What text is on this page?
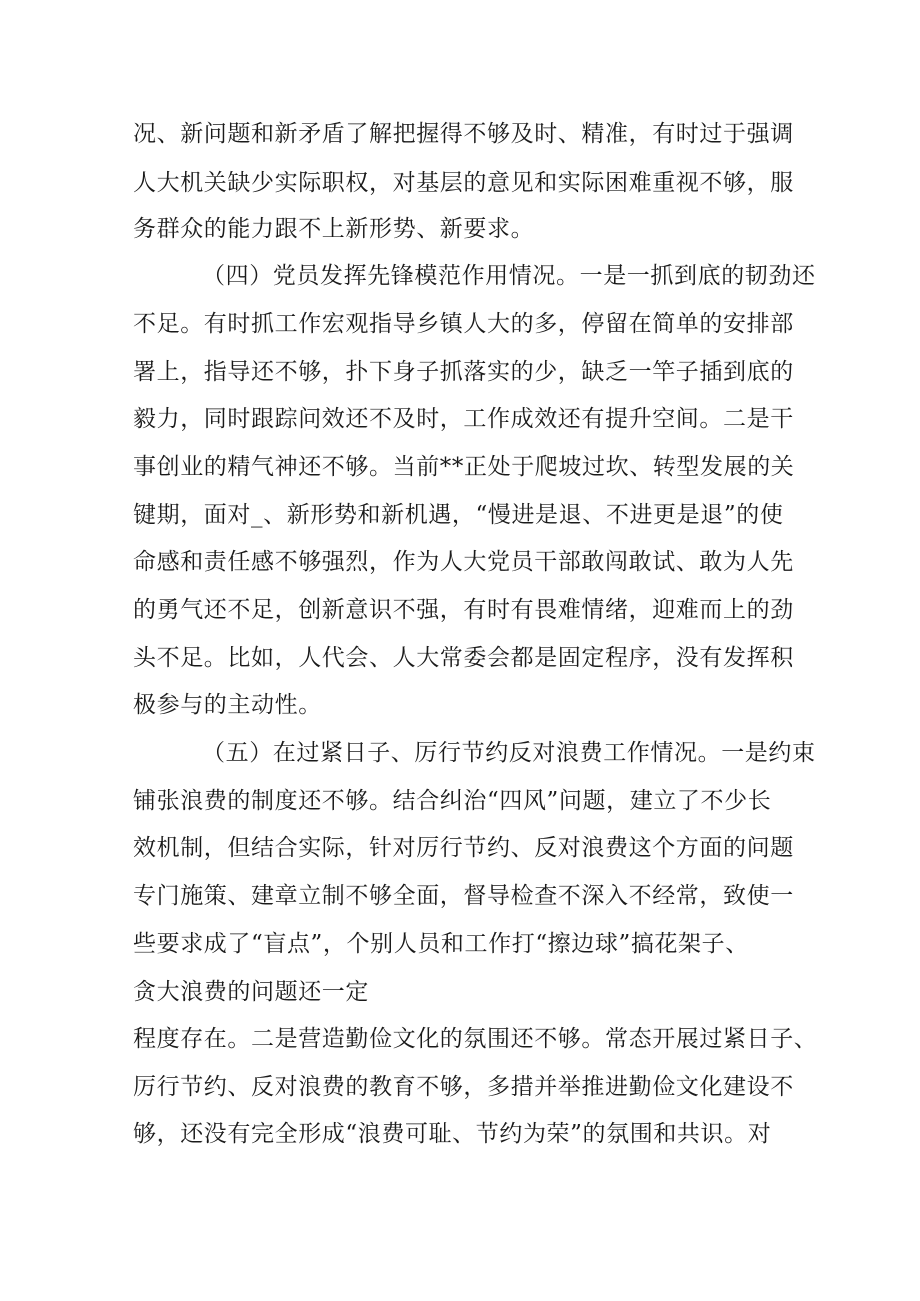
况、新问题和新矛盾了解把握得不够及时、精准，有时过于强调
人大机关缺少实际职权，对基层的意见和实际困难重视不够，服
务群众的能力跟不上新形势、新要求。
（四）党员发挥先锋模范作用情况。一是一抓到底的韧劲还
不足。有时抓工作宏观指导乡镇人大的多，停留在简单的安排部
署上，指导还不够，扑下身子抓落实的少，缺乏一竿子插到底的
毅力，同时跟踪问效还不及时，工作成效还有提升空间。二是干
事创业的精气神还不够。当前**正处于爬坡过坎、转型发展的关
键期，面对_、新形势和新机遇，“慢进是退、不进更是退”的使
命感和责任感不够强烈，作为人大党员干部敢闯敢试、敢为人先
的勇气还不足，创新意识不强，有时有畏难情绪，迎难而上的劲
头不足。比如，人代会、人大常委会都是固定程序，没有发挥积
极参与的主动性。
（五）在过紧日子、厉行节约反对浪费工作情况。一是约束
铺张浪费的制度还不够。结合纠治“四风”问题，建立了不少长
效机制，但结合实际，针对厉行节约、反对浪费这个方面的问题
专门施策、建章立制不够全面，督导检查不深入不经常，致使一
些要求成了“盲点”，个别人员和工作打“擦边球”搞花架子、
贪大浪费的问题还一定
程度存在。二是营造勤俭文化的氛围还不够。常态开展过紧日子、
厉行节约、反对浪费的教育不够，多措并举推进勤俭文化建设不
够，还没有完全形成“浪费可耻、节约为荣”的氛围和共识。对
